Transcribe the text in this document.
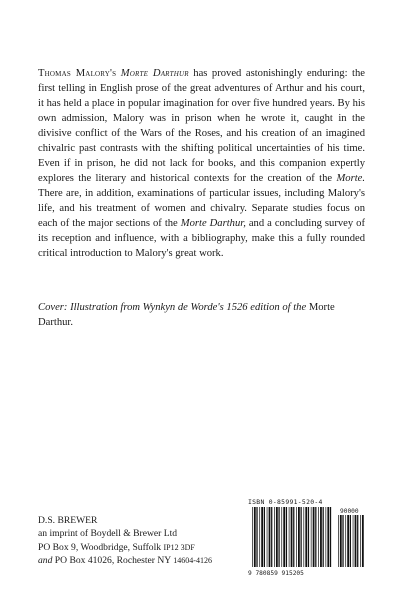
Thomas Malory's Morte Darthur has proved astonishingly enduring: the first telling in English prose of the great adventures of Arthur and his court, it has held a place in popular imagination for over five hundred years. By his own admission, Malory was in prison when he wrote it, caught in the divisive conflict of the Wars of the Roses, and his creation of an imagined chivalric past contrasts with the shifting political uncertainties of his time. Even if in prison, he did not lack for books, and this companion expertly explores the literary and historical contexts for the creation of the Morte. There are, in addition, examinations of particular issues, including Malory's life, and his treatment of women and chivalry. Separate studies focus on each of the major sections of the Morte Darthur, and a concluding survey of its reception and influence, with a bibliography, make this a fully rounded critical introduction to Malory's great work.

Cover: Illustration from Wynkyn de Worde's 1526 edition of the Morte Darthur.

D.S. BREWER
an imprint of Boydell & Brewer Ltd
PO Box 9, Woodbridge, Suffolk IP12 3DF
and PO Box 41026, Rochester NY 14604-4126
ISBN 0-85991-520-4
90000
9 780859 915205
